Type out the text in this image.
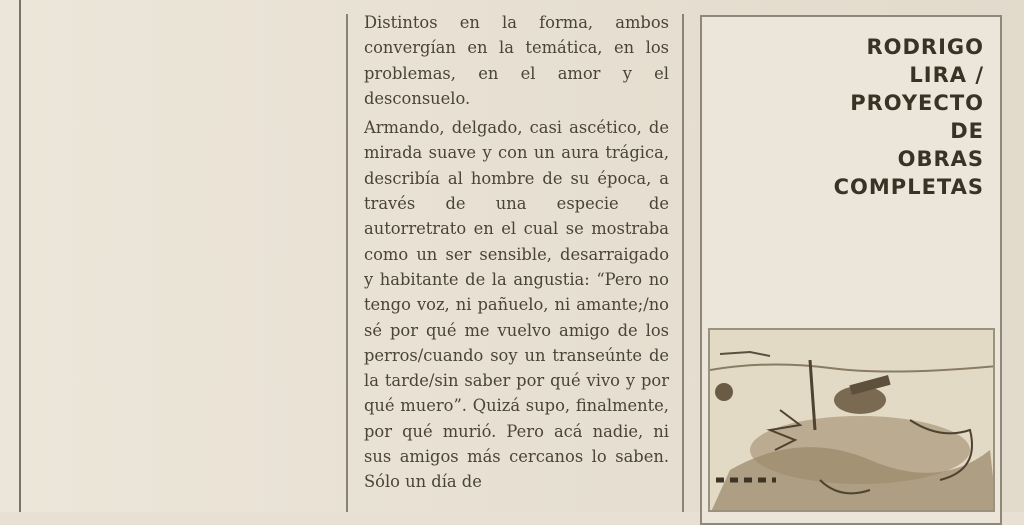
Distintos en la forma, ambos convergían en la temática, en los problemas, en el amor y el desconsuelo.

Armando, delgado, casi ascético, de mirada suave y con un aura trágica, describía al hombre de su época, a través de una especie de autorretrato en el cual se mostraba como un ser sensible, desarraigado y habitante de la angustia: “Pero no tengo voz, ni pañuelo, ni amante;/no sé por qué me vuelvo amigo de los perros/cuando soy un transeúnte de la tarde/sin saber por qué vivo y por qué muero”. Quizá supo, finalmente, por qué murió. Pero acá nadie, ni sus amigos más cercanos lo saben. Sólo un día de

RODRIGO
LIRA /
PROYECTO
DE
OBRAS
COMPLETAS
